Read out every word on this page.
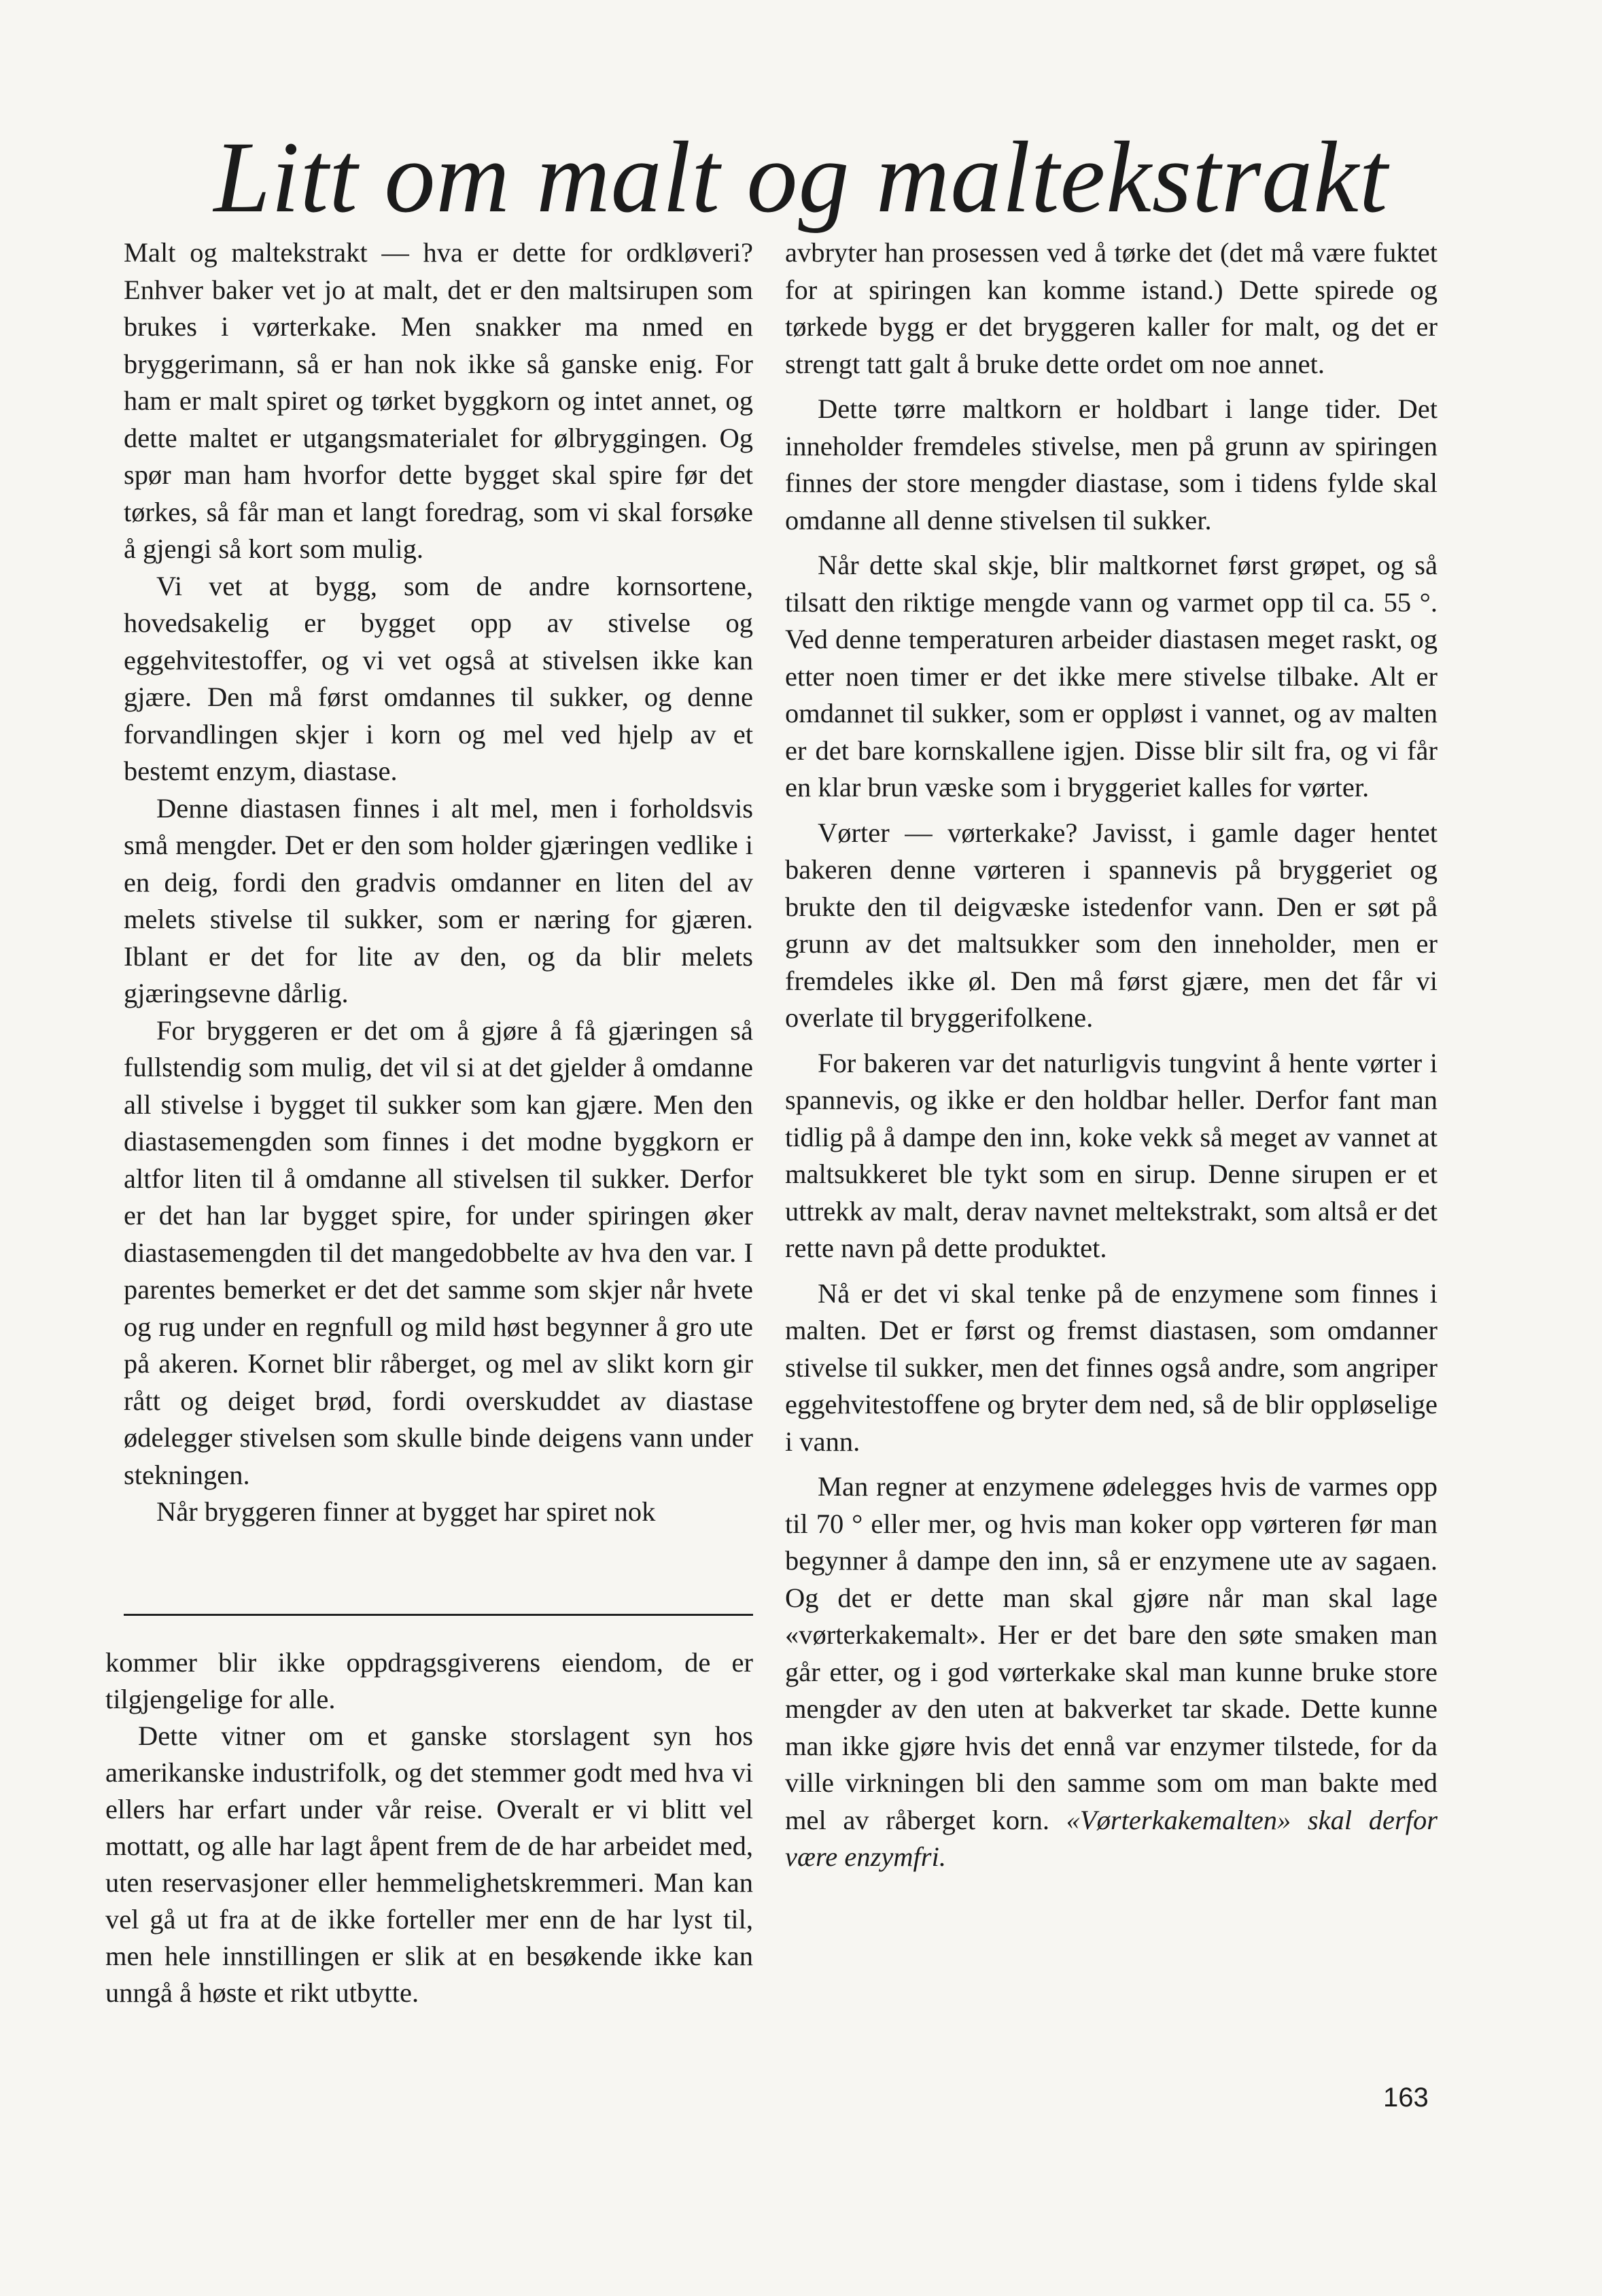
Litt om malt og maltekstrakt

Malt og maltekstrakt — hva er dette for ordkløveri? Enhver baker vet jo at malt, det er den maltsirupen som brukes i vørterkake. Men snakker ma nmed en bryggerimann, så er han nok ikke så ganske enig. For ham er malt spiret og tørket byggkorn og intet annet, og dette maltet er utgangsmaterialet for ølbryggingen. Og spør man ham hvorfor dette bygget skal spire før det tørkes, så får man et langt foredrag, som vi skal forsøke å gjengi så kort som mulig.

Vi vet at bygg, som de andre kornsortene, hovedsakelig er bygget opp av stivelse og eggehvitestoffer, og vi vet også at stivelsen ikke kan gjære. Den må først omdannes til sukker, og denne forvandlingen skjer i korn og mel ved hjelp av et bestemt enzym, diastase.

Denne diastasen finnes i alt mel, men i forholdsvis små mengder. Det er den som holder gjæringen vedlike i en deig, fordi den gradvis omdanner en liten del av melets stivelse til sukker, som er næring for gjæren. Iblant er det for lite av den, og da blir melets gjæringsevne dårlig.

For bryggeren er det om å gjøre å få gjæringen så fullstendig som mulig, det vil si at det gjelder å omdanne all stivelse i bygget til sukker som kan gjære. Men den diastasemengden som finnes i det modne byggkorn er altfor liten til å omdanne all stivelsen til sukker. Derfor er det han lar bygget spire, for under spiringen øker diastasemengden til det mangedobbelte av hva den var. I parentes bemerket er det det samme som skjer når hvete og rug under en regnfull og mild høst begynner å gro ute på akeren. Kornet blir råberget, og mel av slikt korn gir rått og deiget brød, fordi overskuddet av diastase ødelegger stivelsen som skulle binde deigens vann under stekningen.

Når bryggeren finner at bygget har spiret nok

kommer blir ikke oppdragsgiverens eiendom, de er tilgjengelige for alle.

Dette vitner om et ganske storslagent syn hos amerikanske industrifolk, og det stemmer godt med hva vi ellers har erfart under vår reise. Overalt er vi blitt vel mottatt, og alle har lagt åpent frem de de har arbeidet med, uten reservasjoner eller hemmelighetskremmeri. Man kan vel gå ut fra at de ikke forteller mer enn de har lyst til, men hele innstillingen er slik at en besøkende ikke kan unngå å høste et rikt utbytte.

avbryter han prosessen ved å tørke det (det må være fuktet for at spiringen kan komme istand.) Dette spirede og tørkede bygg er det bryggeren kaller for malt, og det er strengt tatt galt å bruke dette ordet om noe annet.

Dette tørre maltkorn er holdbart i lange tider. Det inneholder fremdeles stivelse, men på grunn av spiringen finnes der store mengder diastase, som i tidens fylde skal omdanne all denne stivelsen til sukker.

Når dette skal skje, blir maltkornet først grøpet, og så tilsatt den riktige mengde vann og varmet opp til ca. 55 °. Ved denne temperaturen arbeider diastasen meget raskt, og etter noen timer er det ikke mere stivelse tilbake. Alt er omdannet til sukker, som er oppløst i vannet, og av malten er det bare kornskallene igjen. Disse blir silt fra, og vi får en klar brun væske som i bryggeriet kalles for vørter.

Vørter — vørterkake? Javisst, i gamle dager hentet bakeren denne vørteren i spannevis på bryggeriet og brukte den til deigvæske istedenfor vann. Den er søt på grunn av det maltsukker som den inneholder, men er fremdeles ikke øl. Den må først gjære, men det får vi overlate til bryggerifolkene.

For bakeren var det naturligvis tungvint å hente vørter i spannevis, og ikke er den holdbar heller. Derfor fant man tidlig på å dampe den inn, koke vekk så meget av vannet at maltsukkeret ble tykt som en sirup. Denne sirupen er et uttrekk av malt, derav navnet meltekstrakt, som altså er det rette navn på dette produktet.

Nå er det vi skal tenke på de enzymene som finnes i malten. Det er først og fremst diastasen, som omdanner stivelse til sukker, men det finnes også andre, som angriper eggehvitestoffene og bryter dem ned, så de blir oppløselige i vann.

Man regner at enzymene ødelegges hvis de varmes opp til 70 ° eller mer, og hvis man koker opp vørteren før man begynner å dampe den inn, så er enzymene ute av sagaen. Og det er dette man skal gjøre når man skal lage «vørterkakemalt». Her er det bare den søte smaken man går etter, og i god vørterkake skal man kunne bruke store mengder av den uten at bakverket tar skade. Dette kunne man ikke gjøre hvis det ennå var enzymer tilstede, for da ville virkningen bli den samme som om man bakte med mel av råberget korn. «Vørterkakemalten» skal derfor være enzymfri.

163
